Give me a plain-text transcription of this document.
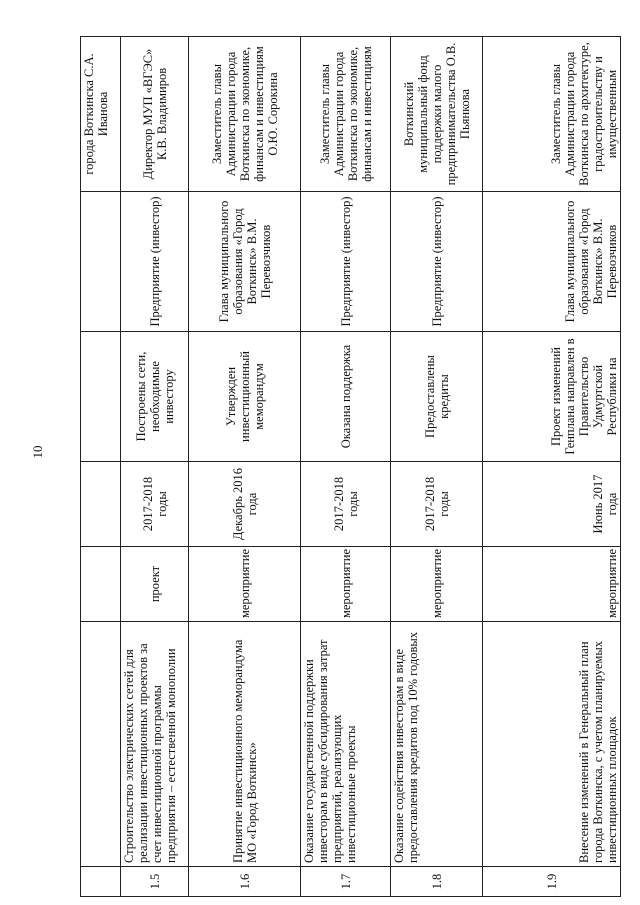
10
						города Воткинска С.А. Иванова
1.5	Строительство электрических сетей для реализации инвестиционных проектов за счет инвестиционной программы предприятия – естественной монополии	проект	2017-2018 годы	Построены сети, необходимые инвестору	Предприятие (инвестор)	Директор МУП «ВГЭС» К.В. Владимиров
1.6	Принятие инвестиционного меморандума МО «Город Воткинск»	мероприятие	Декабрь 2016 года	Утвержден инвестиционный меморандум	Глава муниципального образования «Город Воткинск» В.М. Перевозчиков	Заместитель главы Администрации города Воткинска по экономике, финансам и инвестициям О.Ю. Сорокина
1.7	Оказание государственной поддержки инвесторам в виде субсидирования затрат предприятий, реализующих инвестиционные проекты	мероприятие	2017-2018 годы	Оказана поддержка	Предприятие (инвестор)	Заместитель главы Администрации города Воткинска по экономике, финансам и инвестициям
1.8	Оказание содействия инвесторам в виде предоставления кредитов под 10% годовых	мероприятие	2017-2018 годы	Предоставлены кредиты	Предприятие (инвестор)	Воткинский муниципальный фонд поддержки малого предпринимательства О.В. Пьянкова
1.9	Внесение изменений в Генеральный план города Воткинска, с учетом планируемых инвестиционных площадок	мероприятие	Июнь 2017 года	Проект изменений Генплана направлен в Правительство Удмуртской Республики на	Глава муниципального образования «Город Воткинск» В.М. Перевозчиков	Заместитель главы Администрации города Воткинска по архитектуре, градостроительству и имущественным
